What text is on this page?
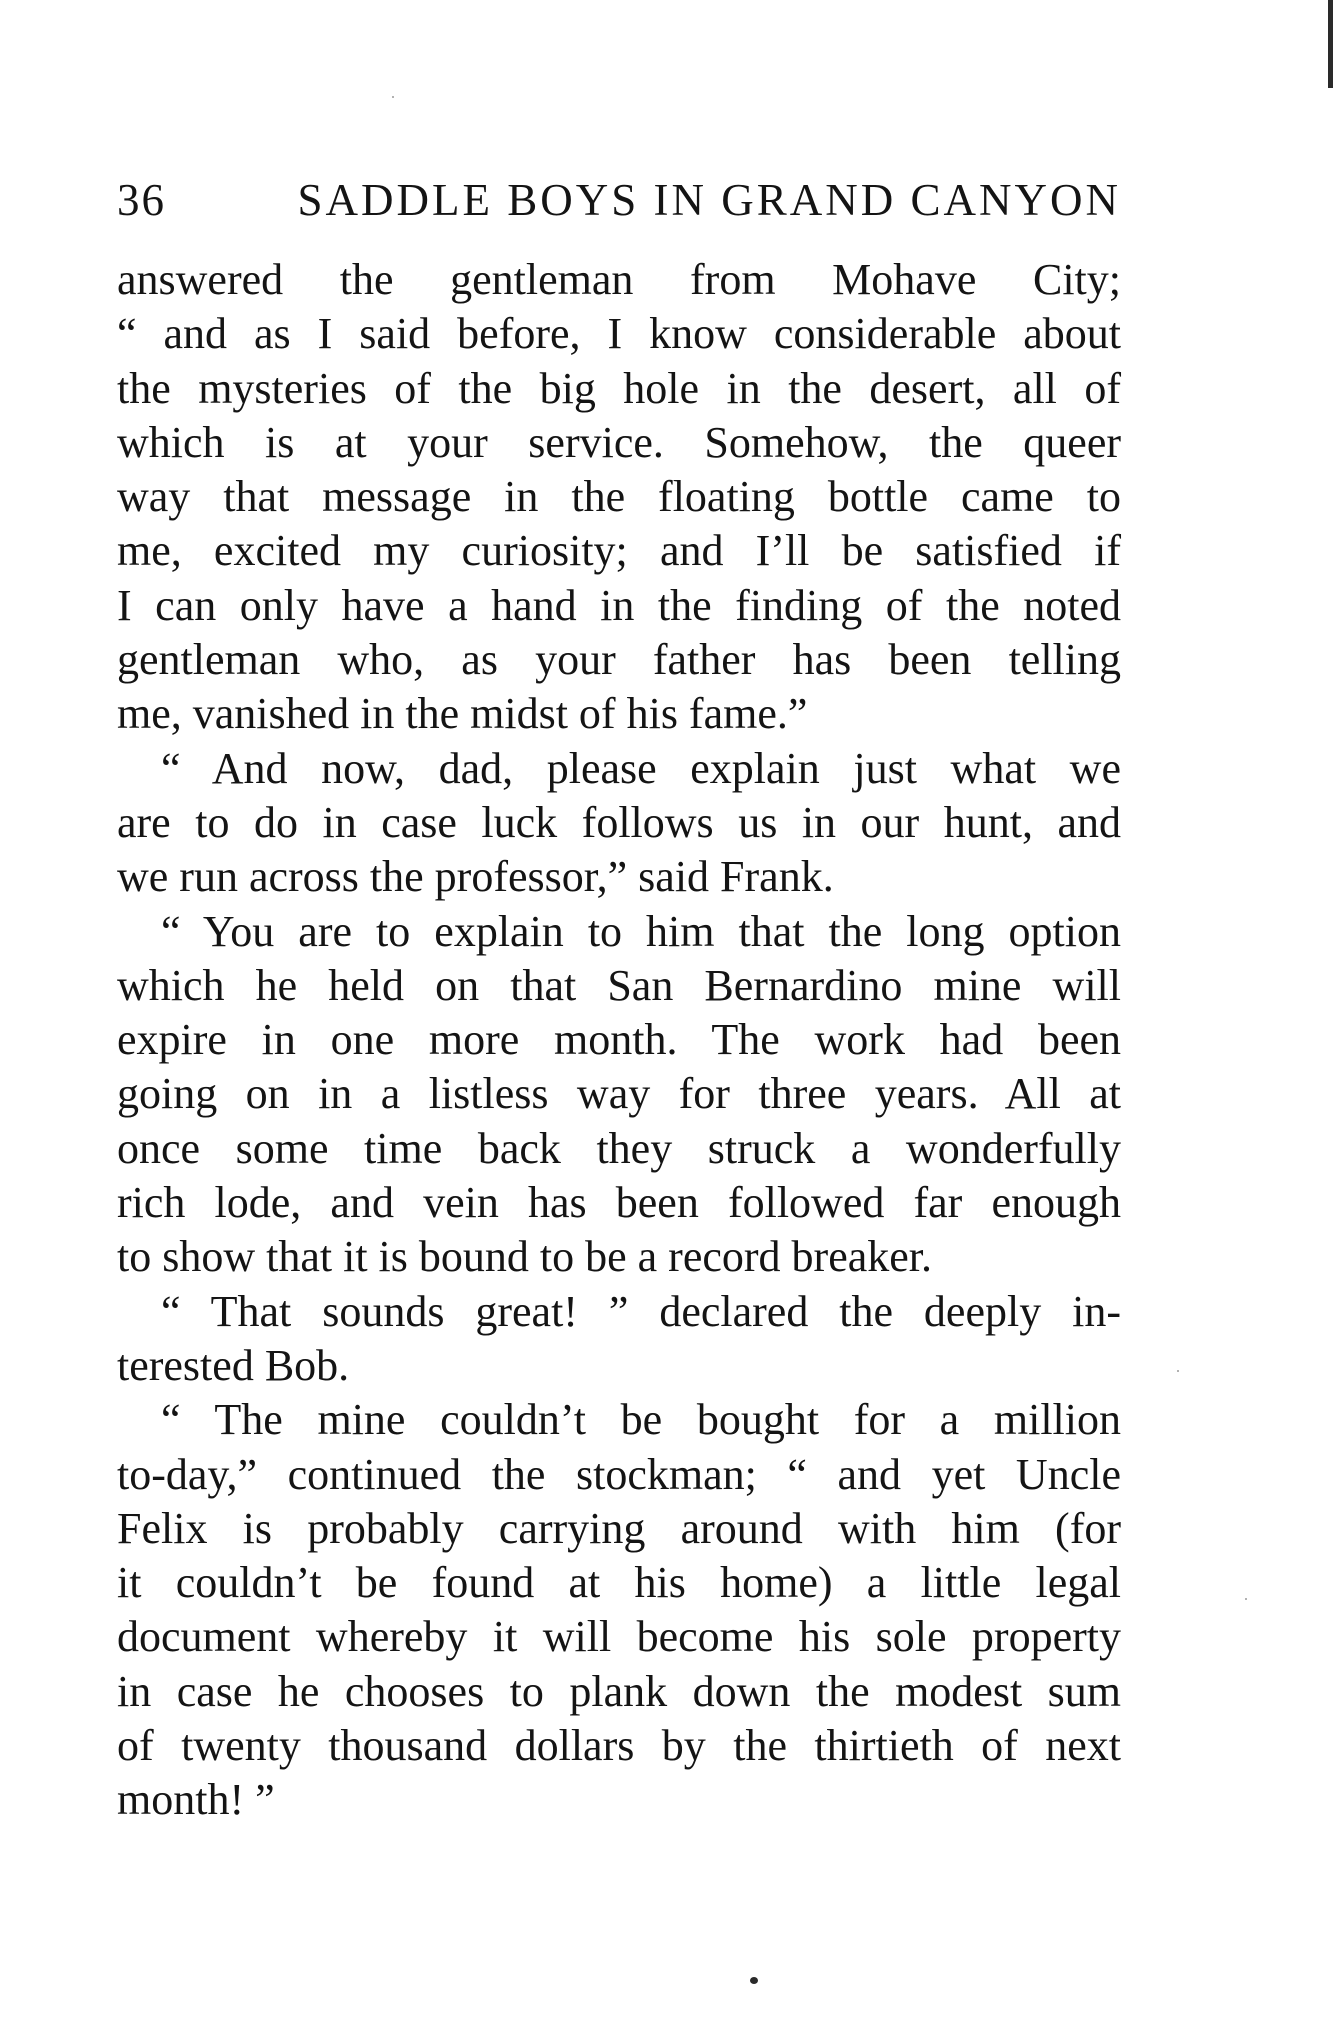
36	SADDLE BOYS IN GRAND CANYON
answered the gentleman from Mohave City;
“ and as I said before, I know considerable about
the mysteries of the big hole in the desert, all of
which is at your service. Somehow, the queer
way that message in the floating bottle came to
me, excited my curiosity; and I’ll be satisfied if
I can only have a hand in the finding of the noted
gentleman who, as your father has been telling
me, vanished in the midst of his fame.”
“ And now, dad, please explain just what we
are to do in case luck follows us in our hunt, and
we run across the professor,” said Frank.
“ You are to explain to him that the long option
which he held on that San Bernardino mine will
expire in one more month. The work had been
going on in a listless way for three years. All at
once some time back they struck a wonderfully
rich lode, and vein has been followed far enough
to show that it is bound to be a record breaker.
“ That sounds great! ” declared the deeply in-
terested Bob.
“ The mine couldn’t be bought for a million
to-day,” continued the stockman; “ and yet Uncle
Felix is probably carrying around with him (for
it couldn’t be found at his home) a little legal
document whereby it will become his sole property
in case he chooses to plank down the modest sum
of twenty thousand dollars by the thirtieth of next
month! ”
